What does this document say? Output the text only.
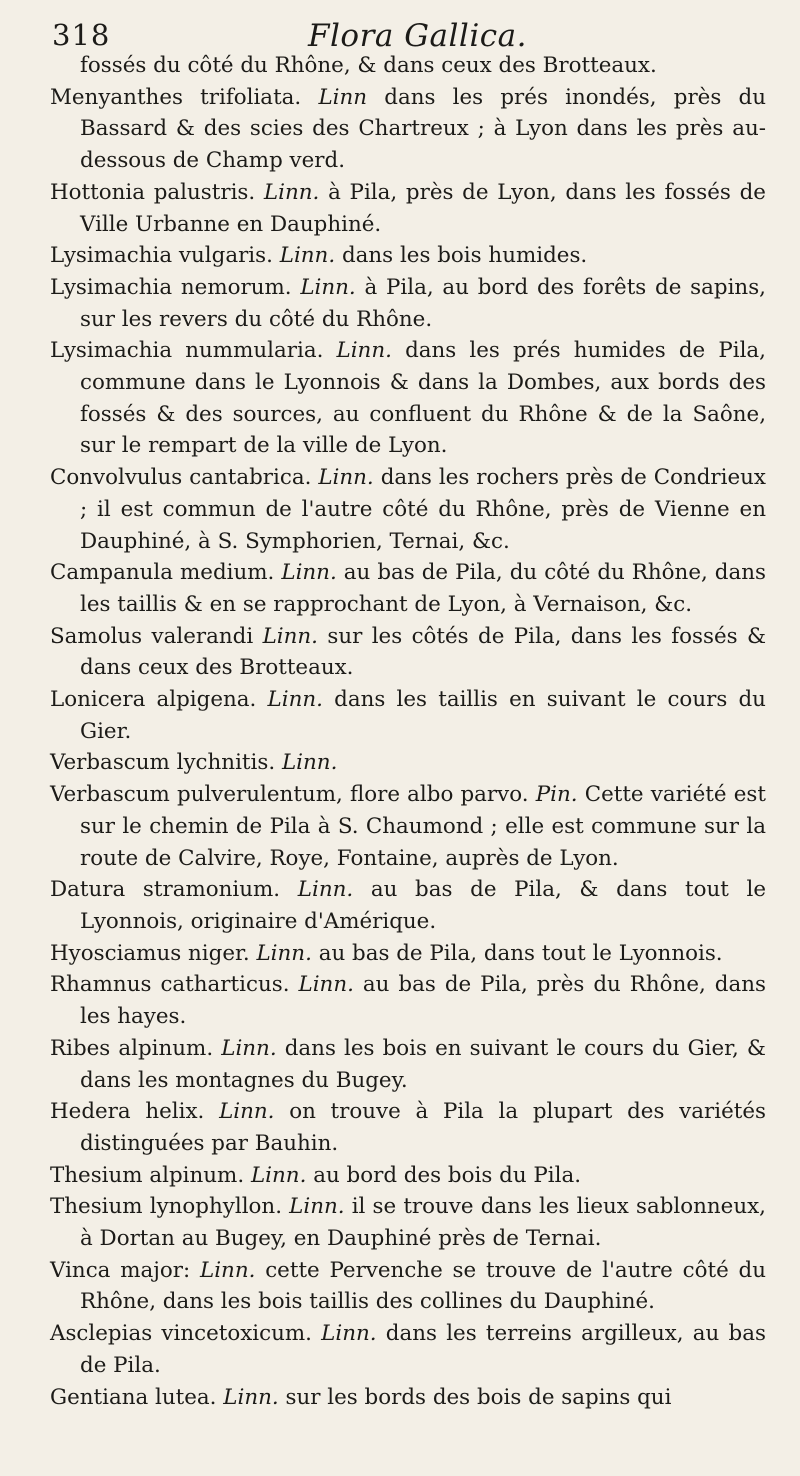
318	Flora Gallica.

fossés du côté du Rhône, & dans ceux des Brotteaux.

Menyanthes trifoliata. Linn dans les prés inondés, près du Bassard & des scies des Chartreux ; à Lyon dans les près au-dessous de Champ verd.

Hottonia palustris. Linn. à Pila, près de Lyon, dans les fossés de Ville Urbanne en Dauphiné.

Lysimachia vulgaris. Linn. dans les bois humides.

Lysimachia nemorum. Linn. à Pila, au bord des forêts de sapins, sur les revers du côté du Rhône.

Lysimachia nummularia. Linn. dans les prés humides de Pila, commune dans le Lyonnois & dans la Dombes, aux bords des fossés & des sources, au confluent du Rhône & de la Saône, sur le rempart de la ville de Lyon.

Convolvulus cantabrica. Linn. dans les rochers près de Condrieux ; il est commun de l'autre côté du Rhône, près de Vienne en Dauphiné, à S. Symphorien, Ternai, &c.

Campanula medium. Linn. au bas de Pila, du côté du Rhône, dans les taillis & en se rapprochant de Lyon, à Vernaison, &c.

Samolus valerandi Linn. sur les côtés de Pila, dans les fossés & dans ceux des Brotteaux.

Lonicera alpigena. Linn. dans les taillis en suivant le cours du Gier.

Verbascum lychnitis. Linn.

Verbascum pulverulentum, flore albo parvo. Pin. Cette variété est sur le chemin de Pila à S. Chaumond ; elle est commune sur la route de Calvire, Roye, Fontaine, auprès de Lyon.

Datura stramonium. Linn. au bas de Pila, & dans tout le Lyonnois, originaire d'Amérique.

Hyosciamus niger. Linn. au bas de Pila, dans tout le Lyonnois.

Rhamnus catharticus. Linn. au bas de Pila, près du Rhône, dans les hayes.

Ribes alpinum. Linn. dans les bois en suivant le cours du Gier, & dans les montagnes du Bugey.

Hedera helix. Linn. on trouve à Pila la plupart des variétés distinguées par Bauhin.

Thesium alpinum. Linn. au bord des bois du Pila.

Thesium lynophyllon. Linn. il se trouve dans les lieux sablonneux, à Dortan au Bugey, en Dauphiné près de Ternai.

Vinca major: Linn. cette Pervenche se trouve de l'autre côté du Rhône, dans les bois taillis des collines du Dauphiné.

Asclepias vincetoxicum. Linn. dans les terreins argilleux, au bas de Pila.

Gentiana lutea. Linn. sur les bords des bois de sapins qui
